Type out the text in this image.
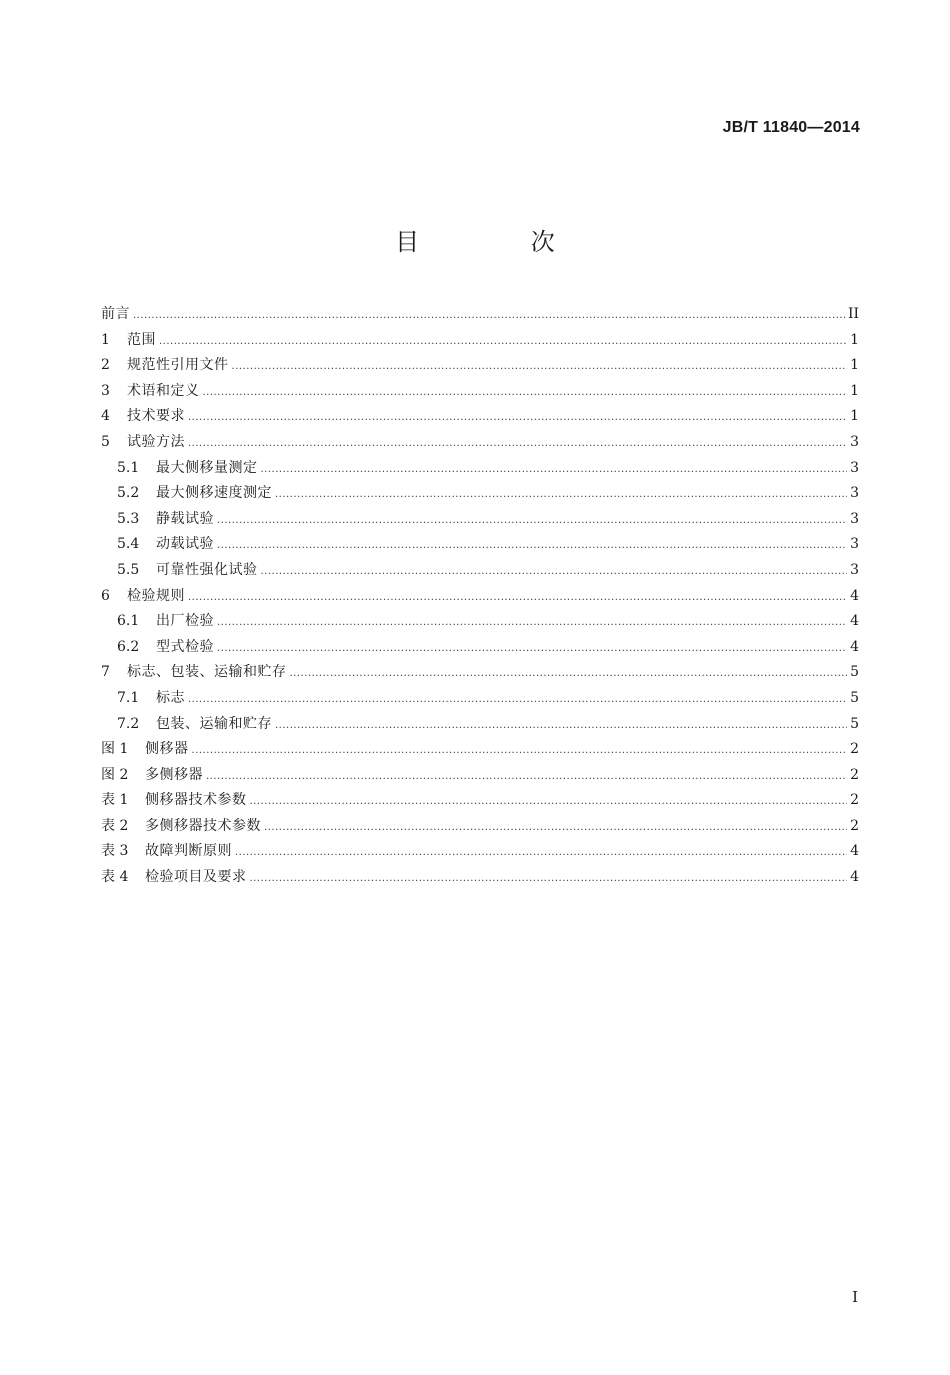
JB/T 11840—2014
目 次
前言 .....	II
1	范围 .....	1
2	规范性引用文件 .....	1
3	术语和定义 .....	1
4	技术要求 .....	1
5	试验方法 .....	3
5.1	最大侧移量测定 .....	3
5.2	最大侧移速度测定 .....	3
5.3	静载试验 .....	3
5.4	动载试验 .....	3
5.5	可靠性强化试验 .....	3
6	检验规则 .....	4
6.1	出厂检验 .....	4
6.2	型式检验 .....	4
7	标志、包装、运输和贮存 .....	5
7.1	标志 .....	5
7.2	包装、运输和贮存 .....	5
图 1	侧移器 .....	2
图 2	多侧移器 .....	2
表 1	侧移器技术参数 .....	2
表 2	多侧移器技术参数 .....	2
表 3	故障判断原则 .....	4
表 4	检验项目及要求 .....	4
I
